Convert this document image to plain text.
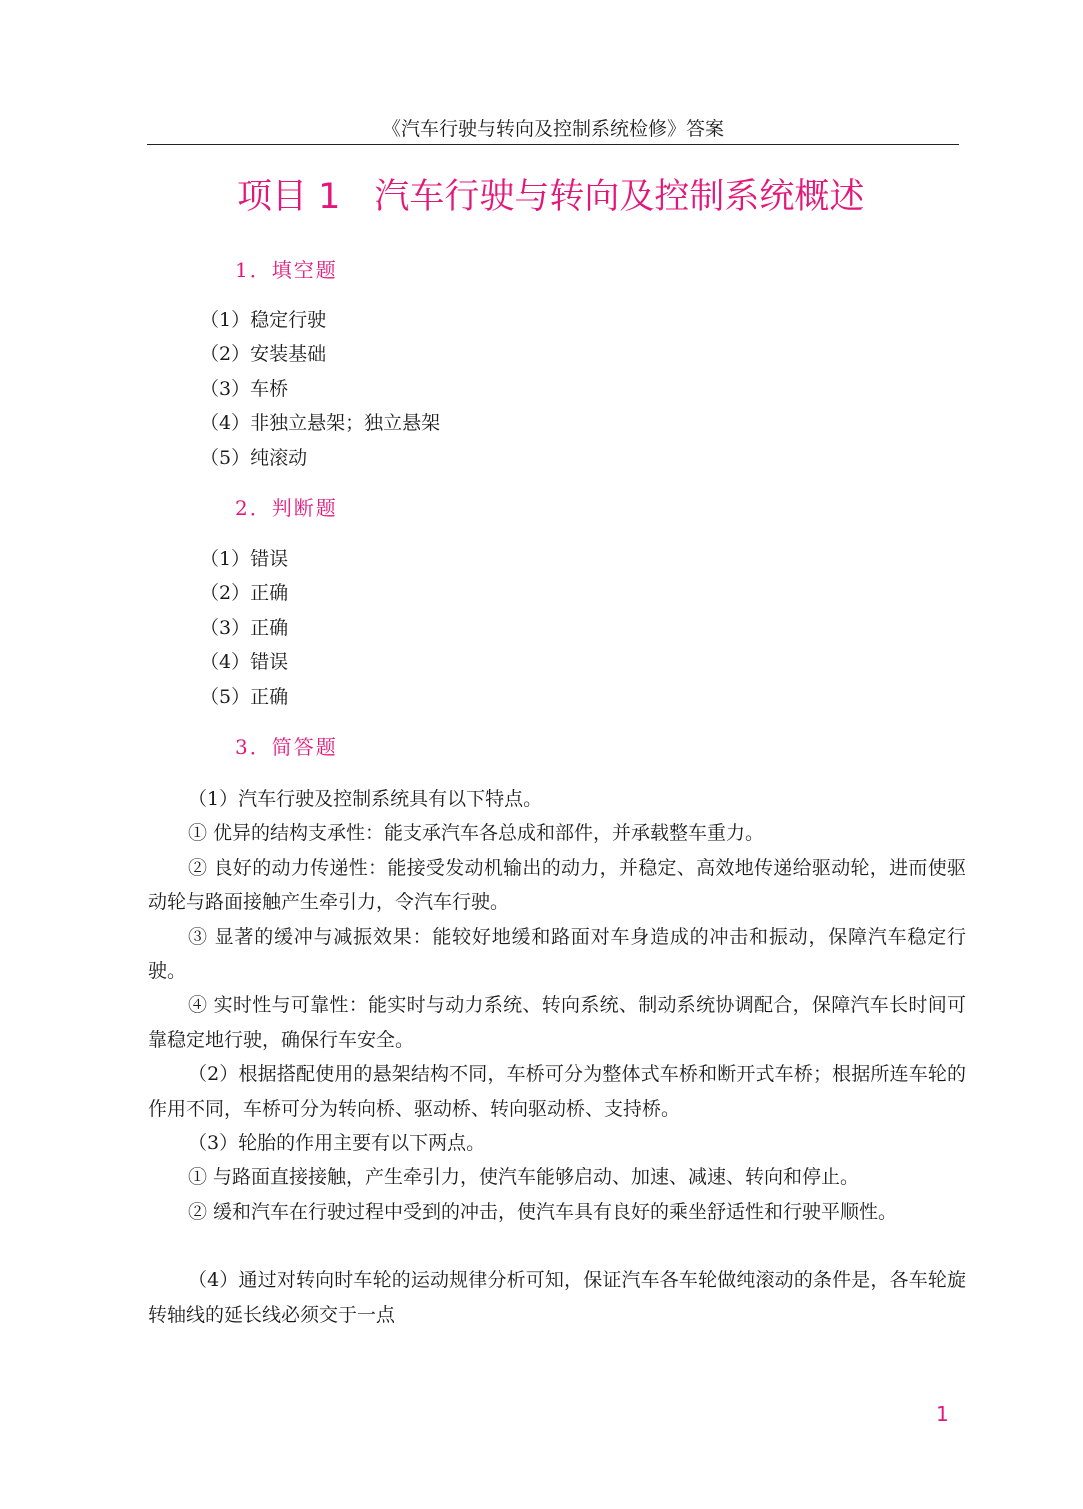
《汽车行驶与转向及控制系统检修》答案
项目 1 汽车行驶与转向及控制系统概述
1．填空题
（1）稳定行驶
（2）安装基础
（3）车桥
（4）非独立悬架；独立悬架
（5）纯滚动
2．判断题
（1）错误
（2）正确
（3）正确
（4）错误
（5）正确
3．简答题

（1）汽车行驶及控制系统具有以下特点。

① 优异的结构支承性：能支承汽车各总成和部件，并承载整车重力。

② 良好的动力传递性：能接受发动机输出的动力，并稳定、高效地传递给驱动轮，进而使驱动轮与路面接触产生牵引力，令汽车行驶。

③ 显著的缓冲与减振效果：能较好地缓和路面对车身造成的冲击和振动，保障汽车稳定行驶。

④ 实时性与可靠性：能实时与动力系统、转向系统、制动系统协调配合，保障汽车长时间可靠稳定地行驶，确保行车安全。

（2）根据搭配使用的悬架结构不同，车桥可分为整体式车桥和断开式车桥；根据所连车轮的作用不同，车桥可分为转向桥、驱动桥、转向驱动桥、支持桥。

（3）轮胎的作用主要有以下两点。

① 与路面直接接触，产生牵引力，使汽车能够启动、加速、减速、转向和停止。

② 缓和汽车在行驶过程中受到的冲击，使汽车具有良好的乘坐舒适性和行驶平顺性。

（4）通过对转向时车轮的运动规律分析可知，保证汽车各车轮做纯滚动的条件是，各车轮旋转轴线的延长线必须交于一点

1
